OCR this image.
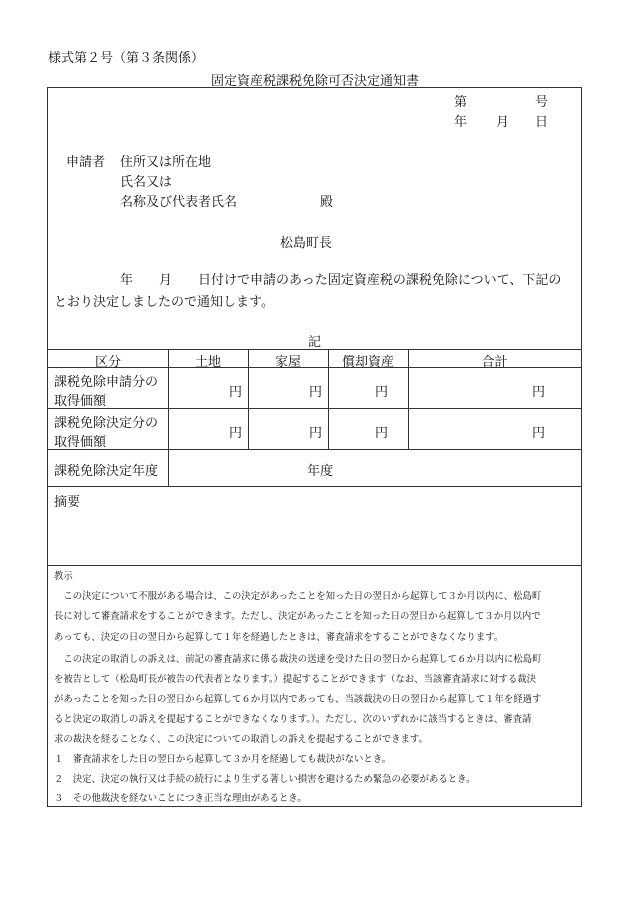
様式第２号（第３条関係）
固定資産税課税免除可否決定通知書
第	号
年 月 日
申請者 住所又は所在地
氏名又は
名称及び代表者氏名	殿
松島町長
年　　月　　日付けで申請のあった固定資産税の課税免除について、下記の
とおり決定しましたので通知します。
記
区分	土地	家屋	償却資産	合計
課税免除申請分の
取得価額
円	円	円	円
課税免除決定分の
取得価額
円	円	円	円
課税免除決定年度	年度
摘要
教示
　この決定について不服がある場合は、この決定があったことを知った日の翌日から起算して３か月以内に、松島町
長に対して審査請求をすることができます。ただし、決定があったことを知った日の翌日から起算して３か月以内で
あっても、決定の日の翌日から起算して１年を経過したときは、審査請求をすることができなくなります。
　この決定の取消しの訴えは、前記の審査請求に係る裁決の送達を受けた日の翌日から起算して６か月以内に松島町
を被告として（松島町長が被告の代表者となります。）提起することができます（なお、当該審査請求に対する裁決
があったことを知った日の翌日から起算して６か月以内であっても、当該裁決の日の翌日から起算して１年を経過す
ると決定の取消しの訴えを提起することができなくなります。）。ただし、次のいずれかに該当するときは、審査請
求の裁決を経ることなく、この決定についての取消しの訴えを提起することができます。
１　審査請求をした日の翌日から起算して３か月を経過しても裁決がないとき。
２　決定、決定の執行又は手続の続行により生ずる著しい損害を避けるため緊急の必要があるとき。
３　その他裁決を経ないことにつき正当な理由があるとき。
